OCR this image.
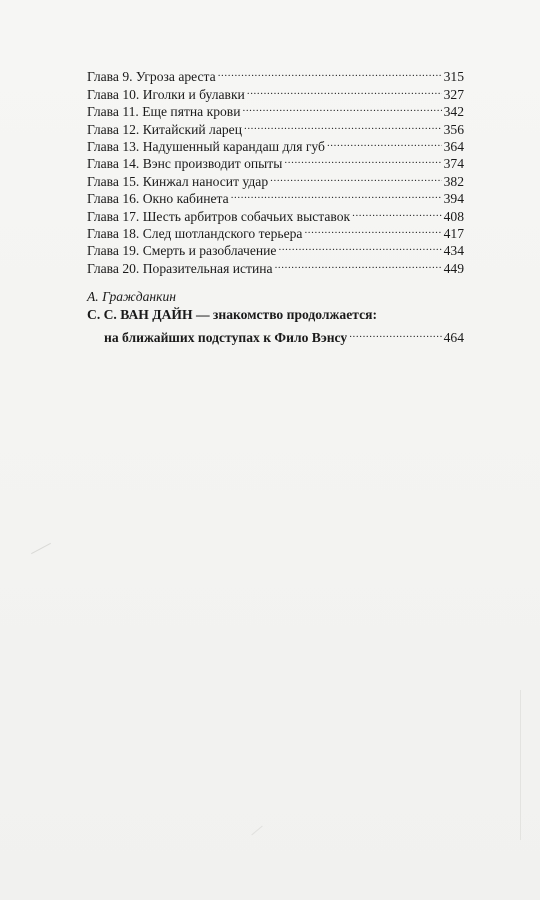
Глава 9. Угроза ареста .....	315
Глава 10. Иголки и булавки .....	327
Глава 11. Еще пятна крови .....	342
Глава 12. Китайский ларец .....	356
Глава 13. Надушенный карандаш для губ .....	364
Глава 14. Вэнс производит опыты .....	374
Глава 15. Кинжал наносит удар .....	382
Глава 16. Окно кабинета .....	394
Глава 17. Шесть арбитров собачьих выставок .....	408
Глава 18. След шотландского терьера .....	417
Глава 19. Смерть и разоблачение .....	434
Глава 20. Поразительная истина .....	449
А. Гражданкин
С. С. ВАН ДАЙН — знакомство продолжается:
на ближайших подступах к Фило Вэнсу .....	464
